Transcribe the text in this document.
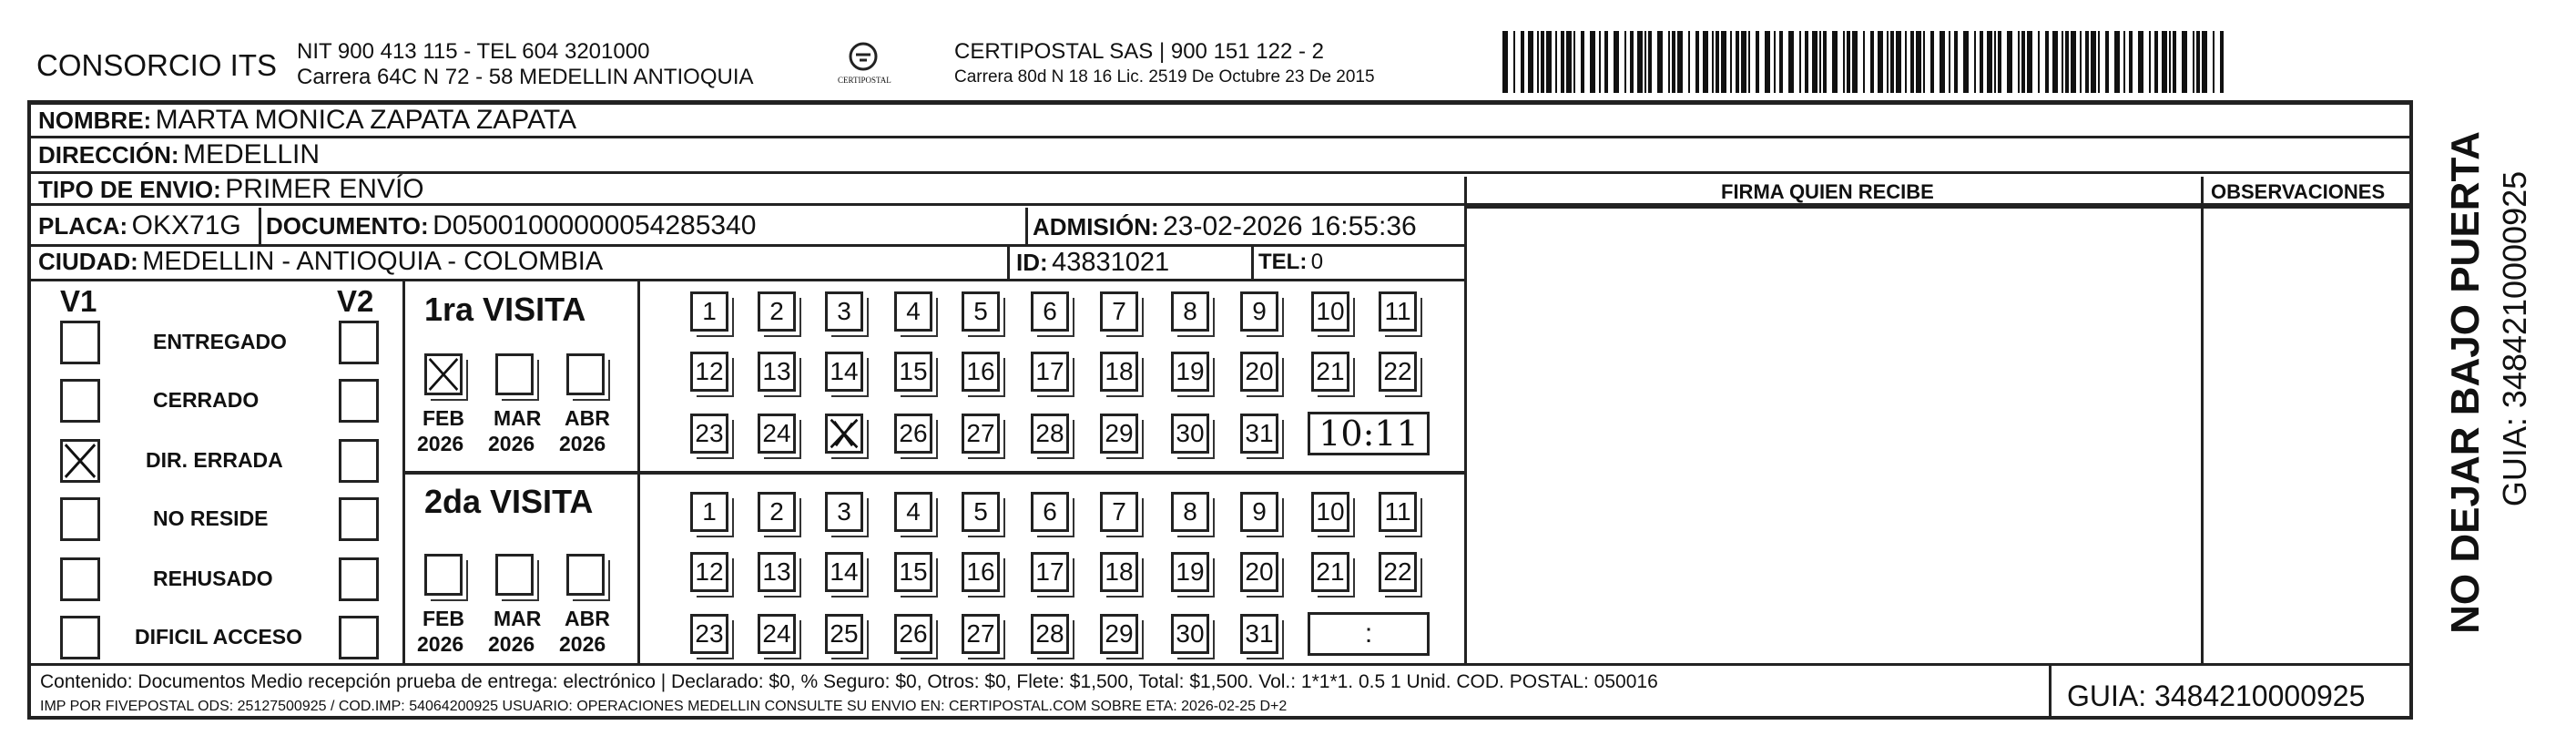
CONSORCIO ITS NIT 900 413 115 - TEL 604 3201000
Carrera 64C N 72 - 58 MEDELLIN ANTIOQUIA	CERTIPOSTAL
CERTIPOSTAL SAS | 900 151 122 - 2
Carrera 80d N 18 16 Lic. 2519 De Octubre 23 De 2015
NOMBRE: MARTA MONICA ZAPATA ZAPATA
DIRECCIÓN: MEDELLIN
TIPO DE ENVIO: PRIMER ENVÍO
PLACA: OKX71G DOCUMENTO: D0500100000005428534​0	ADMISIÓN: 23-02-2026 16:55:36
CIUDAD: MEDELLIN - ANTIOQUIA - COLOMBIA	ID: 43831021	TEL: 0
FIRMA QUIEN RECIBE	OBSERVACIONES
V1	V2
ENTREGADO
CERRADO
DIR. ERRADA
NO RESIDE
REHUSADO
DIFICIL ACCESO
1ra VISITA
2da VISITA
FEB
2026
MAR
2026
ABR
2026
1 2 3 4 5 6 7 8 9 10 11
12 13 14 15 16 17 18 19 20 21 22
23 24	26 27 28 29 30 31 10:11
FEB
2026
MAR
2026
ABR
2026
1 2 3 4 5 6 7 8 9 10 11
12 13 14 15 16 17 18 19 20 21 22
23 24 25 26 27 28 29 30 31	:
Contenido: Documentos Medio recepción prueba de entrega: electrónico | Declarado: $0, % Seguro: $0, Otros: $0, Flete: $1,500, Total: $1,500. Vol.: 1*1*1. 0.5 1 Unid. COD. POSTAL: 050016
IMP POR FIVEPOSTAL ODS: 25127500925 / COD.IMP: 54064200925 USUARIO: OPERACIONES MEDELLIN CONSULTE SU ENVIO EN: CERTIPOSTAL.COM SOBRE ETA: 2026-02-25 D+2	GUIA: 3484210000925
NO DEJAR BAJO PUERTA GUIA: 3484210000925
